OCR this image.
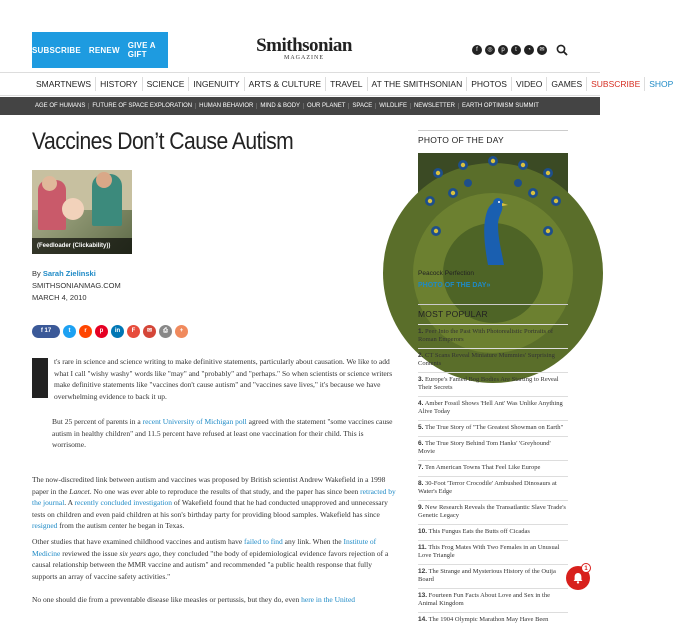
SUBSCRIBE RENEW GIVE A GIFT	Smithsonian
MAGAZINE
f	◎	p	t	◔	✉
SMARTNEWS	HISTORY	SCIENCE	INGENUITY	ARTS & CULTURE	TRAVEL	AT THE SMITHSONIAN	PHOTOS	VIDEO	GAMES	SUBSCRIBE	SHOP
AGE OF HUMANS	FUTURE OF SPACE EXPLORATION	HUMAN BEHAVIOR	MIND & BODY	OUR PLANET	SPACE	WILDLIFE	NEWSLETTER	EARTH OPTIMISM SUMMIT
Vaccines Don’t Cause Autism
(Feedloader (Clickability))
By Sarah Zielinski
SMITHSONIANMAG.COM
MARCH 4, 2010
f 17	t	r	p	in	F	✉	⎙	+
t's rare in science and science writing to make definitive statements, particularly about causation. We like to add what I call "wishy washy" words like "may" and "probably" and "perhaps." So when scientists or science writers make definitive statements like "vaccines don't cause autism" and "vaccines save lives," it's because we have overwhelming evidence to back it up.
But 25 percent of parents in a recent University of Michigan poll agreed with the statement "some vaccines cause autism in healthy children" and 11.5 percent have refused at least one vaccination for their child. This is worrisome.
The now-discredited link between autism and vaccines was proposed by British scientist Andrew Wakefield in a 1998 paper in the Lancet. No one was ever able to reproduce the results of that study, and the paper has since been retracted by the journal. A recently concluded investigation of Wakefield found that he had conducted unapproved and unnecessary tests on children and even paid children at his son's birthday party for providing blood samples. Wakefield has since resigned from the autism center he began in Texas.
Other studies that have examined childhood vaccines and autism have failed to find any link. When the Institute of Medicine reviewed the issue six years ago, they concluded "the body of epidemiological evidence favors rejection of a causal relationship between the MMR vaccine and autism" and recommended "a public health response that fully supports an array of vaccine safety activities."
No one should die from a preventable disease like measles or pertussis, but they do, even here in the United
PHOTO OF THE DAY
Peacock Perfection
PHOTO OF THE DAY»
MOST POPULAR
1. Peer Into the Past With Photorealistic Portraits of Roman Emperors
2. CT Scans Reveal Miniature Mummies' Surprising Contents
3. Europe's Famed Bog Bodies Are Starting to Reveal Their Secrets
4. Amber Fossil Shows 'Hell Ant' Was Unlike Anything Alive Today
5. The True Story of "The Greatest Showman on Earth"
6. The True Story Behind Tom Hanks' 'Greyhound' Movie
7. Ten American Towns That Feel Like Europe
8. 30-Foot 'Terror Crocodile' Ambushed Dinosaurs at Water's Edge
9. New Research Reveals the Transatlantic Slave Trade's Genetic Legacy
10. This Fungus Eats the Butts off Cicadas
11. This Frog Mates With Two Females in an Unusual Love Triangle
12. The Strange and Mysterious History of the Ouija Board
13. Fourteen Fun Facts About Love and Sex in the Animal Kingdom
14. The 1904 Olympic Marathon May Have Been
1
